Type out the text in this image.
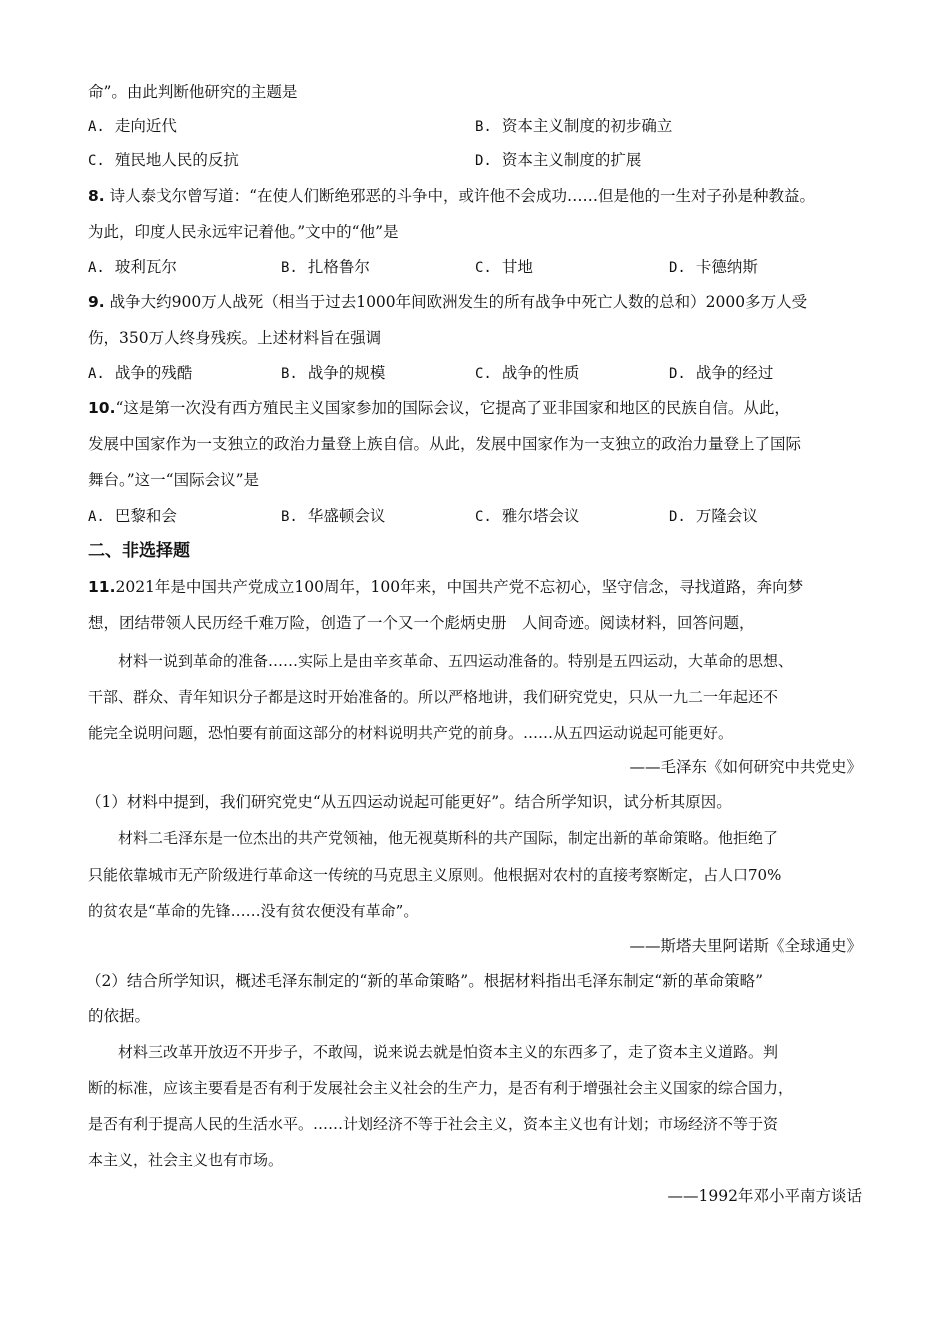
命”。由此判断他研究的主题是
A. 走向近代	B. 资本主义制度的初步确立
C. 殖民地人民的反抗	D. 资本主义制度的扩展
8. 诗人泰戈尔曾写道：“在使人们断绝邪恶的斗争中，或许他不会成功……但是他的一生对子孙是种教益。
为此，印度人民永远牢记着他。”文中的“他”是
A. 玻利瓦尔	B. 扎格鲁尔	C. 甘地	D. 卡德纳斯
9. 战争大约900万人战死（相当于过去1000年间欧洲发生的所有战争中死亡人数的总和）2000多万人受
伤，350万人终身残疾。上述材料旨在强调
A. 战争的残酷	B. 战争的规模	C. 战争的性质	D. 战争的经过
10.“这是第一次没有西方殖民主义国家参加的国际会议，它提高了亚非国家和地区的民族自信。从此，
发展中国家作为一支独立的政治力量登上族自信。从此，发展中国家作为一支独立的政治力量登上了国际
舞台。”这一“国际会议”是
A. 巴黎和会	B. 华盛顿会议	C. 雅尔塔会议	D. 万隆会议
二、非选择题
11.2021年是中国共产党成立100周年，100年来，中国共产党不忘初心，坚守信念，寻找道路，奔向梦
想，团结带领人民历经千难万险，创造了一个又一个彪炳史册　人间奇迹。阅读材料，回答问题，
材料一说到革命的准备……实际上是由辛亥革命、五四运动准备的。特别是五四运动，大革命的思想、
干部、群众、青年知识分子都是这时开始准备的。所以严格地讲，我们研究党史，只从一九二一年起还不
能完全说明问题，恐怕要有前面这部分的材料说明共产党的前身。……从五四运动说起可能更好。
——毛泽东《如何研究中共党史》
（1）材料中提到，我们研究党史“从五四运动说起可能更好”。结合所学知识，试分析其原因。
材料二毛泽东是一位杰出的共产党领袖，他无视莫斯科的共产国际，制定出新的革命策略。他拒绝了
只能依靠城市无产阶级进行革命这一传统的马克思主义原则。他根据对农村的直接考察断定，占人口70%
的贫农是“革命的先锋……没有贫农便没有革命”。
——斯塔夫里阿诺斯《全球通史》
（2）结合所学知识，概述毛泽东制定的“新的革命策略”。根据材料指出毛泽东制定“新的革命策略”
的依据。
材料三改革开放迈不开步子，不敢闯，说来说去就是怕资本主义的东西多了，走了资本主义道路。判
断的标准，应该主要看是否有利于发展社会主义社会的生产力，是否有利于增强社会主义国家的综合国力，
是否有利于提高人民的生活水平。……计划经济不等于社会主义，资本主义也有计划；市场经济不等于资
本主义，社会主义也有市场。
——1992年邓小平南方谈话
